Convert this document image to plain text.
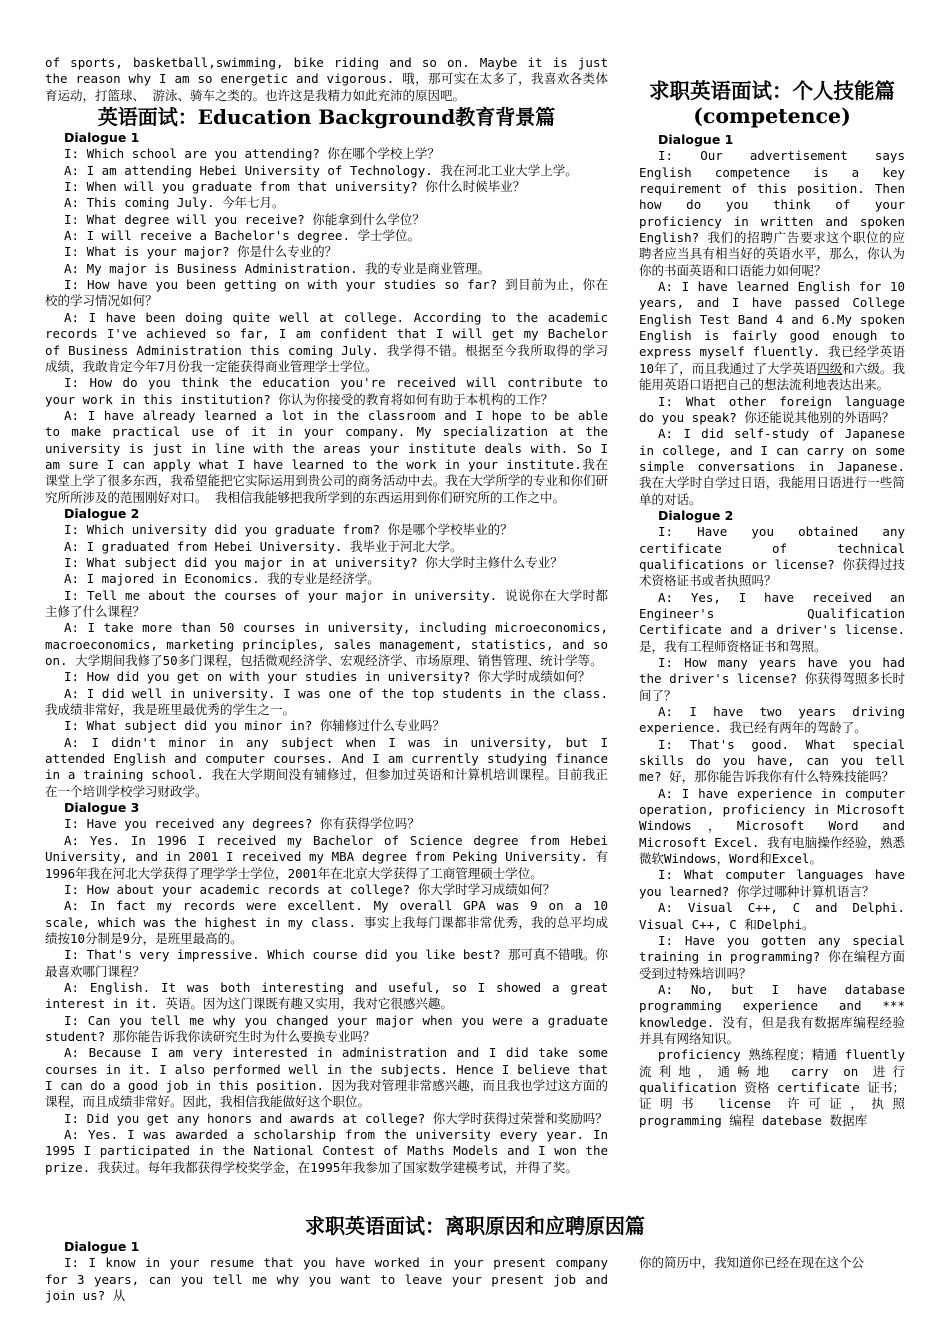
of sports, basketball,swimming, bike riding and so on. Maybe it is just the reason why I am so energetic and vigorous. 哦，那可实在太多了，我喜欢各类体育运动，打篮球、 游泳、骑车之类的。也许这是我精力如此充沛的原因吧。

英语面试：Education Background教育背景篇
Dialogue 1

I: Which school are you attending? 你在哪个学校上学？

A: I am attending Hebei University of Technology. 我在河北工业大学上学。

I: When will you graduate from that university? 你什么时候毕业？

A: This coming July. 今年七月。

I: What degree will you receive? 你能拿到什么学位？

A: I will receive a Bachelor's degree. 学士学位。

I: What is your major? 你是什么专业的？

A: My major is Business Administration. 我的专业是商业管理。

I: How have you been getting on with your studies so far? 到目前为止，你在校的学习情况如何？

A: I have been doing quite well at college. According to the academic records I've achieved so far, I am confident that I will get my Bachelor of Business Administration this coming July. 我学得不错。根据至今我所取得的学习成绩，我敢肯定今年7月份我一定能获得商业管理学士学位。

I: How do you think the education you're received will contribute to your work in this institution? 你认为你接受的教育将如何有助于本机构的工作？

A: I have already learned a lot in the classroom and I hope to be able to make practical use of it in your company. My specialization at the university is just in line with the areas your institute deals with. So I am sure I can apply what I have learned to the work in your institute.我在课堂上学了很多东西，我希望能把它实际运用到贵公司的商务活动中去。我在大学所学的专业和你们研究所所涉及的范围刚好对口。 我相信我能够把我所学到的东西运用到你们研究所的工作之中。

Dialogue 2

I: Which university did you graduate from? 你是哪个学校毕业的？

A: I graduated from Hebei University. 我毕业于河北大学。

I: What subject did you major in at university? 你大学时主修什么专业？

A: I majored in Economics. 我的专业是经济学。

I: Tell me about the courses of your major in university. 说说你在大学时都主修了什么课程？

A: I take more than 50 courses in university, including microeconomics, macroeconomics, marketing principles, sales management, statistics, and so on. 大学期间我修了50多门课程，包括微观经济学、宏观经济学、市场原理、销售管理、统计学等。

I: How did you get on with your studies in university? 你大学时成绩如何？

A: I did well in university. I was one of the top students in the class. 我成绩非常好，我是班里最优秀的学生之一。

I: What subject did you minor in? 你辅修过什么专业吗？

A: I didn't minor in any subject when I was in university, but I attended English and computer courses. And I am currently studying finance in a training school. 我在大学期间没有辅修过，但参加过英语和计算机培训课程。目前我正在一个培训学校学习财政学。

Dialogue 3

I: Have you received any degrees? 你有获得学位吗？

A: Yes. In 1996 I received my Bachelor of Science degree from Hebei University, and in 2001 I received my MBA degree from Peking University. 有1996年我在河北大学获得了理学学士学位，2001年在北京大学获得了工商管理硕士学位。

I: How about your academic records at college? 你大学时学习成绩如何？

A: In fact my records were excellent. My overall GPA was 9 on a 10 scale, which was the highest in my class. 事实上我每门课都非常优秀，我的总平均成绩按10分制是9分，是班里最高的。

I: That's very impressive. Which course did you like best? 那可真不错哦。你最喜欢哪门课程？

A: English. It was both interesting and useful, so I showed a great interest in it. 英语。因为这门课既有趣又实用，我对它很感兴趣。

I: Can you tell me why you changed your major when you were a graduate student? 那你能告诉我你读研究生时为什么要换专业吗？

A: Because I am very interested in administration and I did take some courses in it. I also performed well in the subjects. Hence I believe that I can do a good job in this position. 因为我对管理非常感兴趣，而且我也学过这方面的课程，而且成绩非常好。因此，我相信我能做好这个职位。

I: Did you get any honors and awards at college? 你大学时获得过荣誉和奖励吗？

A: Yes. I was awarded a scholarship from the university every year. In 1995 I participated in the National Contest of Maths Models and I won the prize. 我获过。每年我都获得学校奖学金，在1995年我参加了国家数学建模考试，并得了奖。

求职英语面试：个人技能篇(competence)
Dialogue 1

I: Our advertisement says English competence is a key requirement of this position. Then how do you think of your proficiency in written and spoken English? 我们的招聘广告要求这个职位的应聘者应当具有相当好的英语水平，那么，你认为你的书面英语和口语能力如何呢？

A: I have learned English for 10 years, and I have passed College English Test Band 4 and 6.My spoken English is fairly good enough to express myself fluently. 我已经学英语10年了，而且我通过了大学英语四级和六级。我能用英语口语把自己的想法流利地表达出来。

I: What other foreign language do you speak? 你还能说其他别的外语吗？

A: I did self-study of Japanese in college, and I can carry on some simple conversations in Japanese. 我在大学时自学过日语，我能用日语进行一些简单的对话。

Dialogue 2

I: Have you obtained any certificate of technical qualifications or license? 你获得过技术资格证书或者执照吗？

A: Yes, I have received an Engineer's Qualification Certificate and a driver's license. 是，我有工程师资格证书和驾照。

I: How many years have you had the driver's license? 你获得驾照多长时间了？

A: I have two years driving experience. 我已经有两年的驾龄了。

I: That's good. What special skills do you have, can you tell me? 好，那你能告诉我你有什么特殊技能吗？

A: I have experience in computer operation, proficiency in Microsoft Windows，Microsoft Word and Microsoft Excel. 我有电脑操作经验，熟悉微软Windows，Word和Excel。

I: What computer languages have you learned? 你学过哪种计算机语言？

A: Visual C++, C and Delphi. Visual C++, C 和Delphi。

I: Have you gotten any special training in programming? 你在编程方面受到过特殊培训吗？

A: No, but I have database programming experience and *** knowledge. 没有，但是我有数据库编程经验并具有网络知识。

proficiency 熟练程度；精通 fluently 流利地，通畅地 carry on 进行 qualification 资格 certificate 证书；证明书 license 许可证，执照 programming 编程 datebase 数据库

求职英语面试：离职原因和应聘原因篇
Dialogue 1

I: I know in your resume that you have worked in your present company for 3 years, can you tell me why you want to leave your present job and join us? 从

你的简历中，我知道你已经在现在这个公
